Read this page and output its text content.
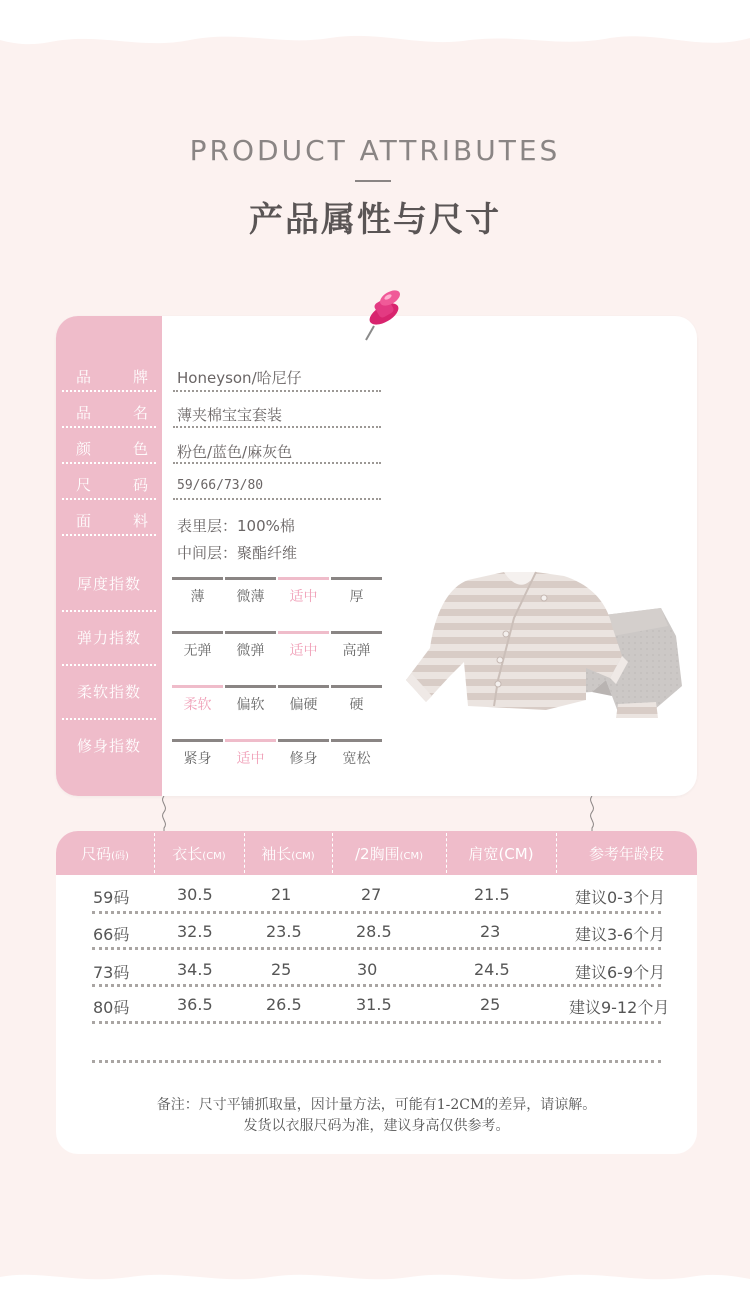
PRODUCT ATTRIBUTES
产品属性与尺寸
品	牌 Honeyson/哈尼仔
品	名 薄夹棉宝宝套装
颜	色 粉色/蓝色/麻灰色
尺	码 59/66/73/80
面	料 表里层：100%棉
中间层：聚酯纤维
厚度指数
薄	微薄	适中	厚
弹力指数
无弹	微弹	适中	高弹
柔软指数
柔软	偏软	偏硬	硬
修身指数
紧身	适中	修身	宽松
尺码(码)	衣长(CM)	袖长(CM)	/2胸围(CM)	肩宽(CM)	参考年龄段
59码	30.5	21	27	21.5	建议0-3个月
66码	32.5	23.5	28.5	23	建议3-6个月
73码	34.5	25	30	24.5	建议6-9个月
80码	36.5	26.5	31.5	25	建议9-12个月
备注：尺寸平铺抓取量，因计量方法，可能有1-2CM的差异，请谅解。
发货以衣服尺码为准，建议身高仅供参考。
